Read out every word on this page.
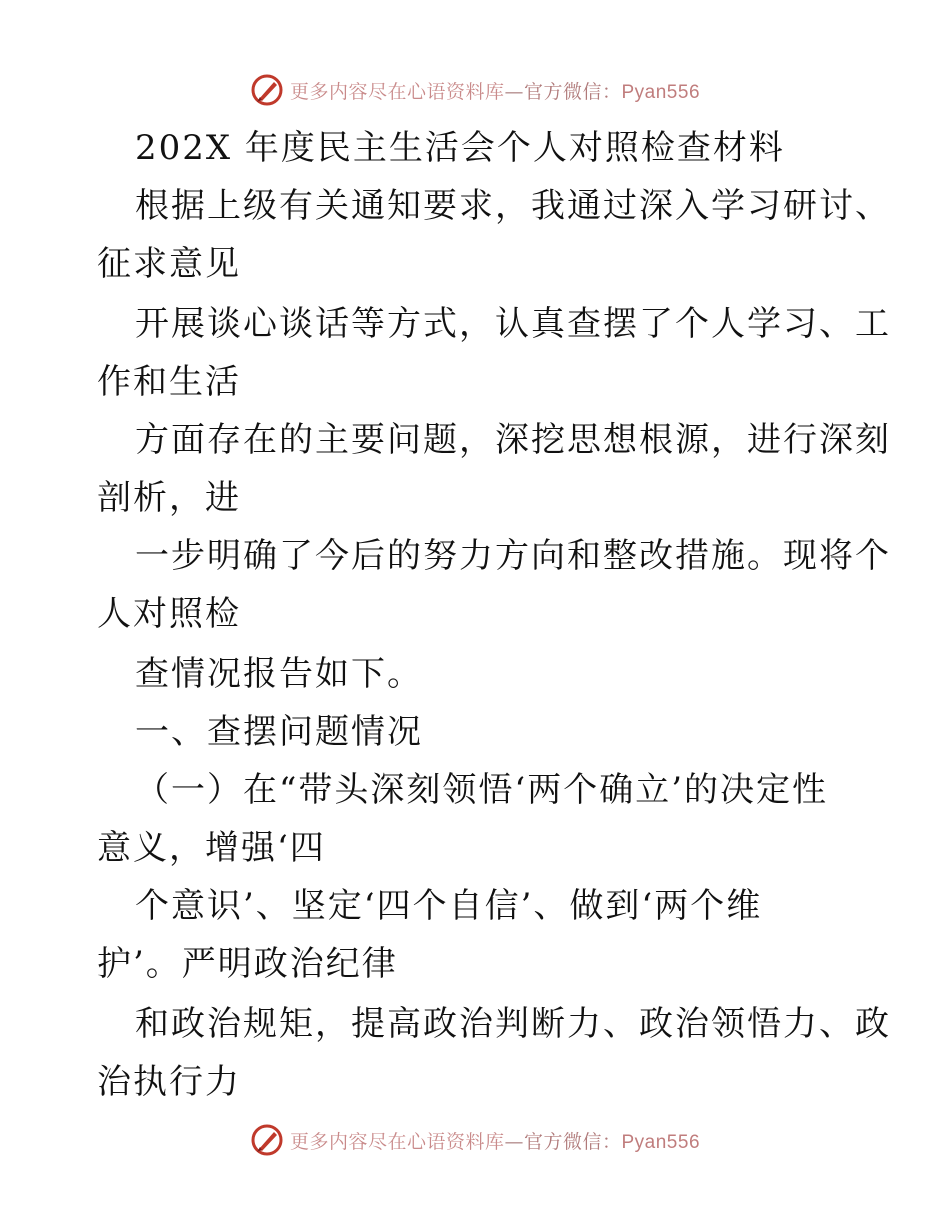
更多内容尽在心语资料库—官方微信：Pyan556
202X 年度民主生活会个人对照检查材料
根据上级有关通知要求，我通过深入学习研讨、
征求意见
开展谈心谈话等方式，认真查摆了个人学习、工
作和生活
方面存在的主要问题，深挖思想根源，进行深刻
剖析，进
一步明确了今后的努力方向和整改措施。现将个
人对照检
查情况报告如下。
一、查摆问题情况
（一）在“带头深刻领悟‘两个确立’的决定性
意义，增强‘四
个意识’、坚定‘四个自信’、做到‘两个维
护’。严明政治纪律
和政治规矩，提高政治判断力、政治领悟力、政
治执行力
更多内容尽在心语资料库—官方微信：Pyan556
